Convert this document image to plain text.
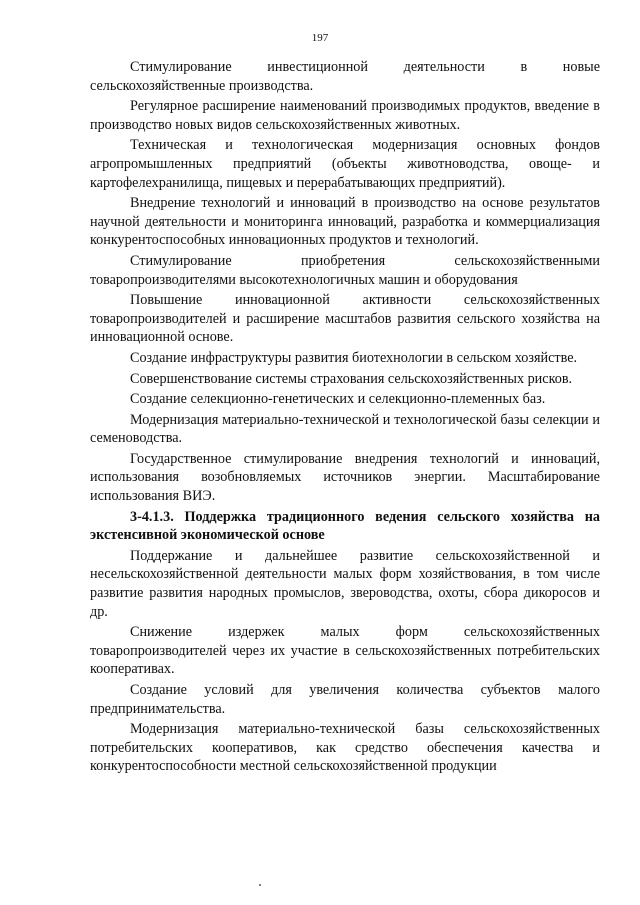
197

Стимулирование инвестиционной деятельности в новые сельскохозяйственные производства.

Регулярное расширение наименований производимых продуктов, введение в производство новых видов сельскохозяйственных животных.

Техническая и технологическая модернизация основных фондов агропромышленных предприятий (объекты животноводства, овоще- и картофелехранилища, пищевых и перерабатывающих предприятий).

Внедрение технологий и инноваций в производство на основе результатов научной деятельности и мониторинга инноваций, разработка и коммерциализация конкурентоспособных инновационных продуктов и технологий.

Стимулирование приобретения сельскохозяйственными товаропроизводителями высокотехнологичных машин и оборудования

Повышение инновационной активности сельскохозяйственных товаропроизводителей и расширение масштабов развития сельского хозяйства на инновационной основе.

Создание инфраструктуры развития биотехнологии в сельском хозяйстве.

Совершенствование системы страхования сельскохозяйственных рисков.

Создание селекционно-генетических и селекционно-племенных баз.

Модернизация материально-технической и технологической базы селекции и семеноводства.

Государственное стимулирование внедрения технологий и инноваций, использования возобновляемых источников энергии. Масштабирование использования ВИЭ.

3-4.1.3. Поддержка традиционного ведения сельского хозяйства на экстенсивной экономической основе

Поддержание и дальнейшее развитие сельскохозяйственной и несельскохозяйственной деятельности малых форм хозяйствования, в том числе развитие развития народных промыслов, звероводства, охоты, сбора дикоросов и др.

Снижение издержек малых форм сельскохозяйственных товаропроизводителей через их участие в сельскохозяйственных потребительских кооперативах.

Создание условий для увеличения количества субъектов малого предпринимательства.

Модернизация материально-технической базы сельскохозяйственных потребительских кооперативов, как средство обеспечения качества и конкурентоспособности местной сельскохозяйственной продукции
